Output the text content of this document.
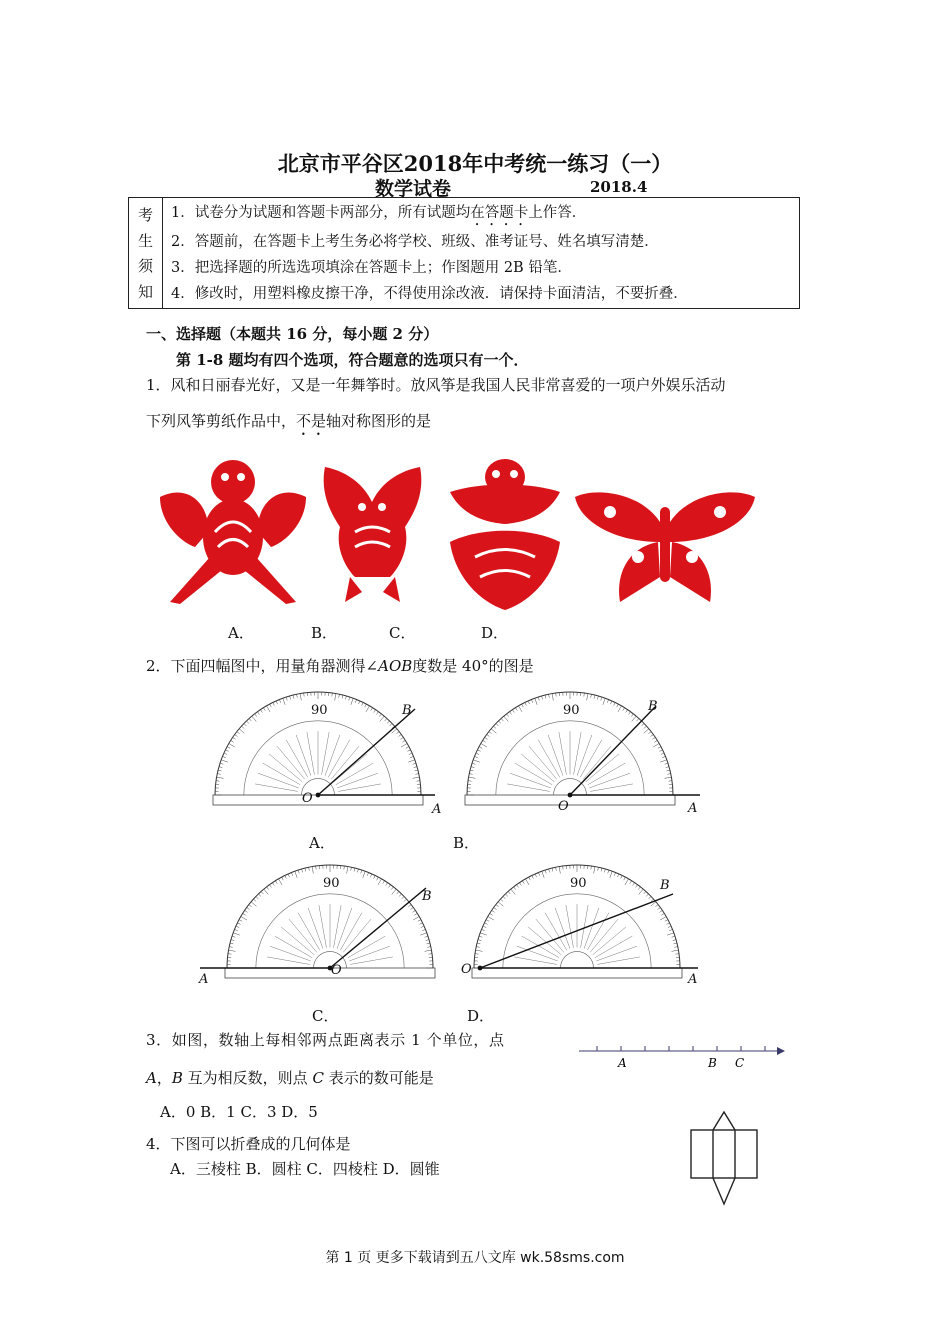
北京市平谷区2018年中考统一练习（一）
数学试卷	2018.4
考
生
须
知
1．试卷分为试题和答题卡两部分，所有试题均在答题卡上作答．
2．答题前，在答题卡上考生务必将学校、班级、准考证号、姓名填写清楚．
3．把选择题的所选选项填涂在答题卡上；作图题用 2B 铅笔．
4．修改时，用塑料橡皮擦干净，不得使用涂改液．请保持卡面清洁，不要折叠．
一、选择题（本题共 16 分，每小题 2 分）
第 1-8 题均有四个选项，符合题意的选项只有一个．
1．风和日丽春光好，又是一年舞筝时。放风筝是我国人民非常喜爱的一项户外娱乐活动
下列风筝剪纸作品中，不是轴对称图形的是
A．	B．	C．	D．
2．下面四幅图中，用量角器测得∠AOB度数是 40°的图是
90	B
O
A
90	B
O	A
90
B
O
A
90	B
O
A
A．	B．
C．	D．
3．如图，数轴上每相邻两点距离表示 1 个单位，点
A，B 互为相反数，则点 C 表示的数可能是
A．0 B．1 C．3 D．5
A	B C
4．下图可以折叠成的几何体是
A．三棱柱 B．圆柱 C．四棱柱 D．圆锥
第 1 页 更多下载请到五八文库 wk.58sms.com
